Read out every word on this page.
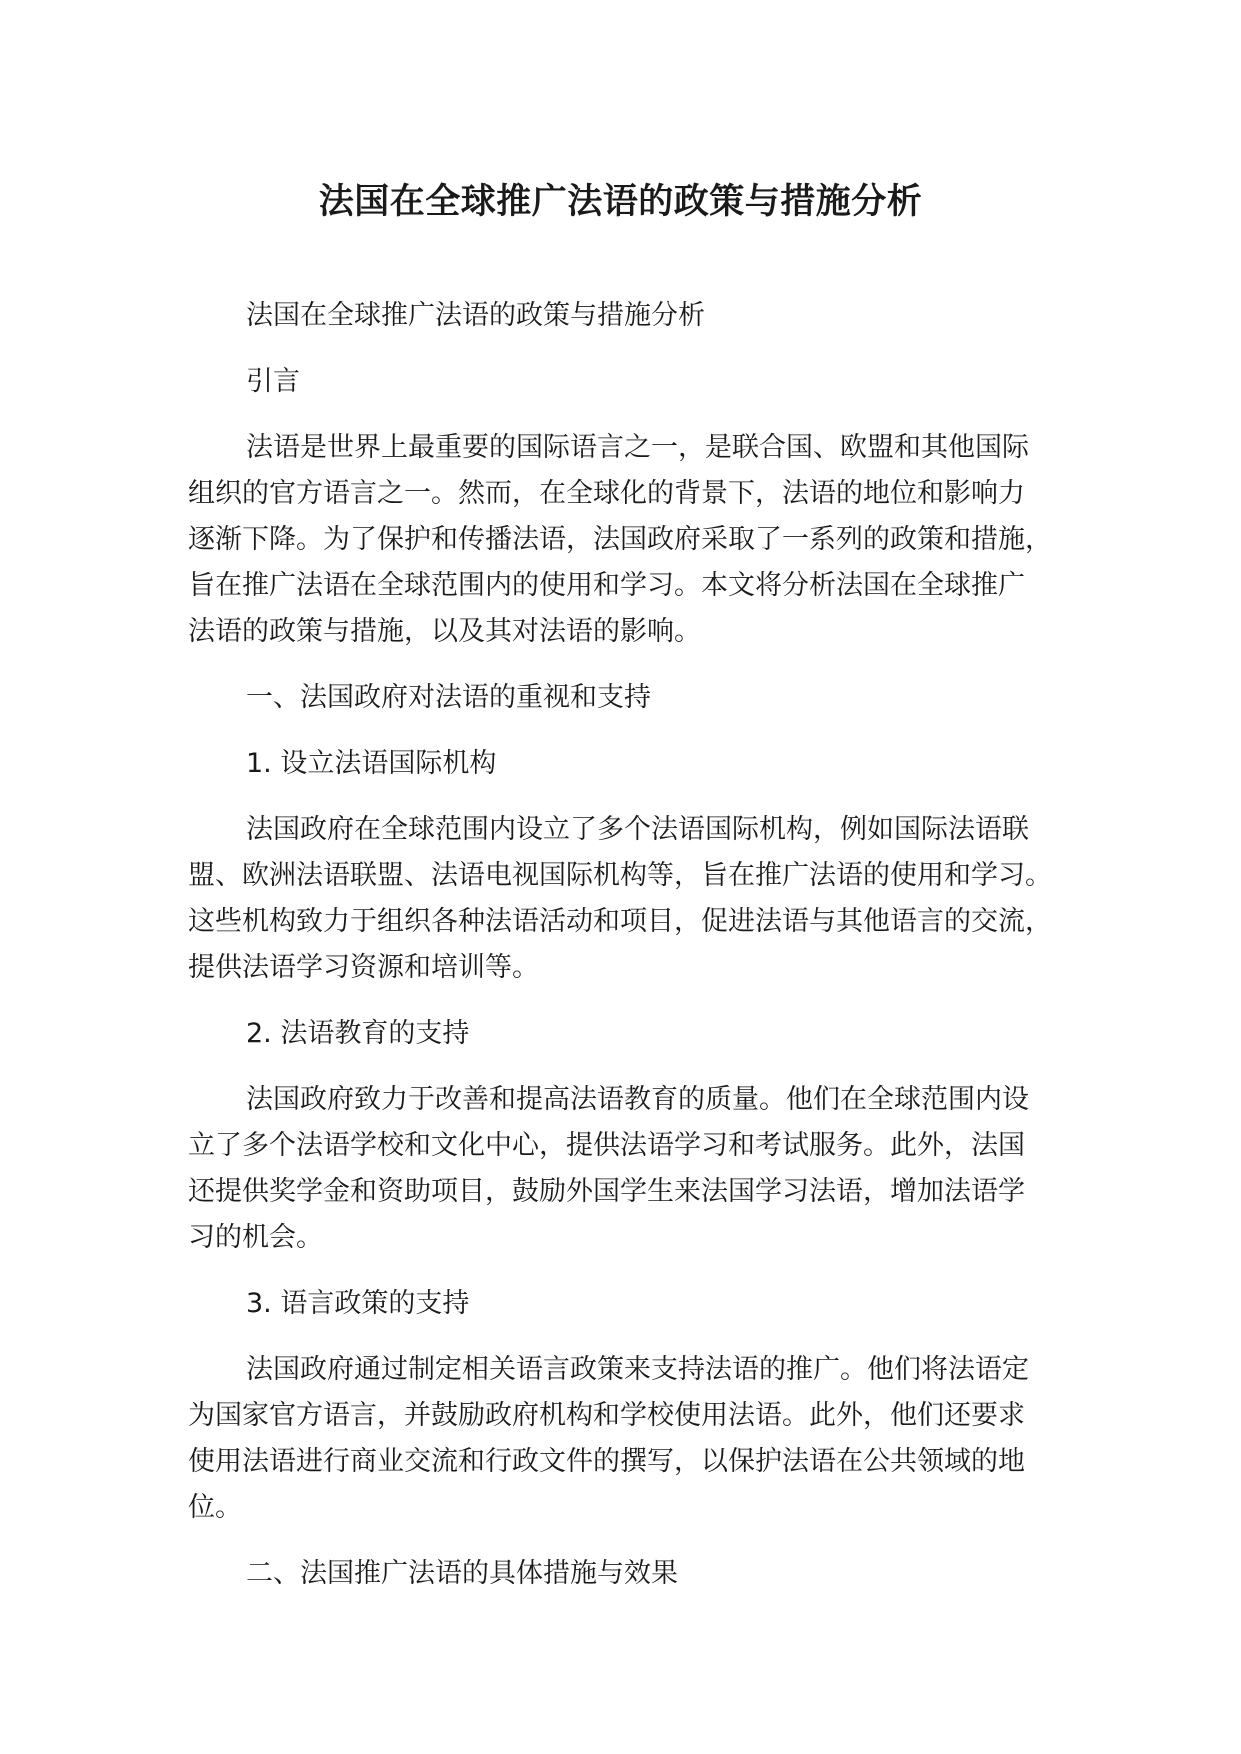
法国在全球推广法语的政策与措施分析

法国在全球推广法语的政策与措施分析

引言

法语是世界上最重要的国际语言之一，是联合国、欧盟和其他国际

组织的官方语言之一。然而，在全球化的背景下，法语的地位和影响力

逐渐下降。为了保护和传播法语，法国政府采取了一系列的政策和措施，

旨在推广法语在全球范围内的使用和学习。本文将分析法国在全球推广

法语的政策与措施，以及其对法语的影响。

一、法国政府对法语的重视和支持

1. 设立法语国际机构

法国政府在全球范围内设立了多个法语国际机构，例如国际法语联

盟、欧洲法语联盟、法语电视国际机构等，旨在推广法语的使用和学习。

这些机构致力于组织各种法语活动和项目，促进法语与其他语言的交流，

提供法语学习资源和培训等。

2. 法语教育的支持

法国政府致力于改善和提高法语教育的质量。他们在全球范围内设

立了多个法语学校和文化中心，提供法语学习和考试服务。此外，法国

还提供奖学金和资助项目，鼓励外国学生来法国学习法语，增加法语学

习的机会。

3. 语言政策的支持

法国政府通过制定相关语言政策来支持法语的推广。他们将法语定

为国家官方语言，并鼓励政府机构和学校使用法语。此外，他们还要求

使用法语进行商业交流和行政文件的撰写，以保护法语在公共领域的地

位。

二、法国推广法语的具体措施与效果
